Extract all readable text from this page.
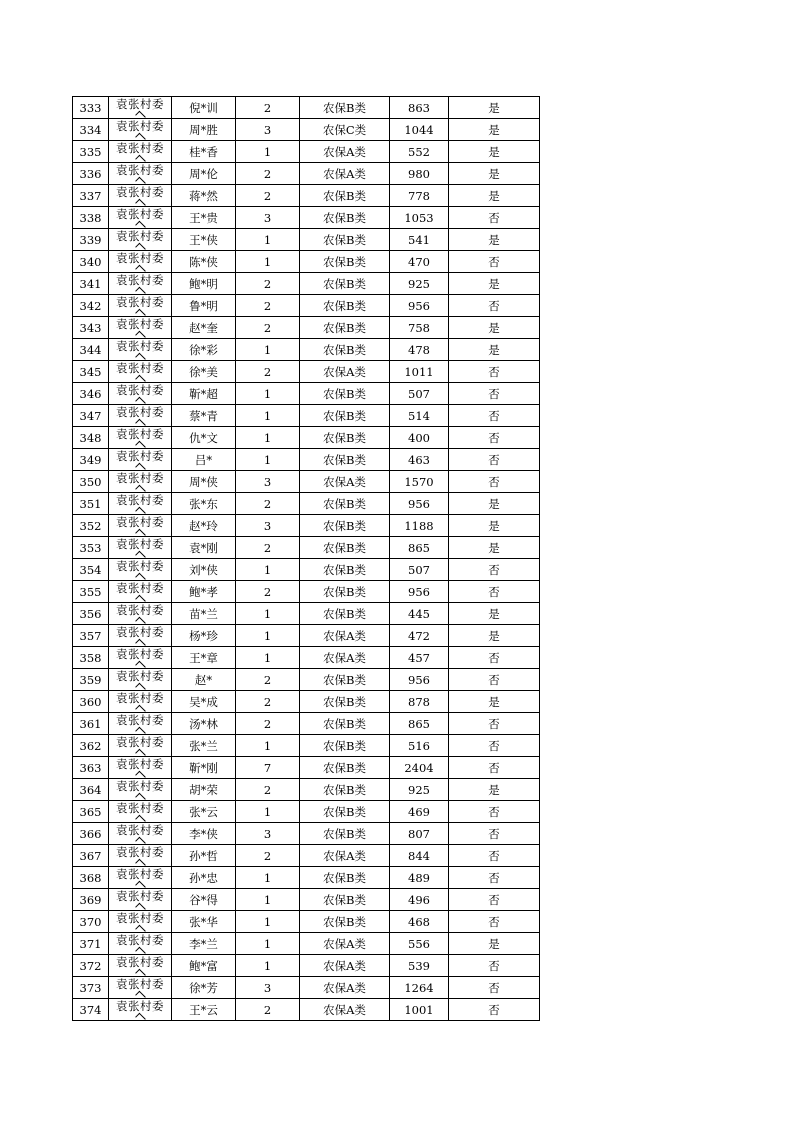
333	袁张村委	倪*训	2	农保B类	863	是
334	袁张村委	周*胜	3	农保C类	1044	是
335	袁张村委	桂*香	1	农保A类	552	是
336	袁张村委	周*伦	2	农保A类	980	是
337	袁张村委	蒋*然	2	农保B类	778	是
338	袁张村委	王*贵	3	农保B类	1053	否
339	袁张村委	王*侠	1	农保B类	541	是
340	袁张村委	陈*侠	1	农保B类	470	否
341	袁张村委	鲍*明	2	农保B类	925	是
342	袁张村委	鲁*明	2	农保B类	956	否
343	袁张村委	赵*奎	2	农保B类	758	是
344	袁张村委	徐*彩	1	农保B类	478	是
345	袁张村委	徐*美	2	农保A类	1011	否
346	袁张村委	靳*超	1	农保B类	507	否
347	袁张村委	蔡*青	1	农保B类	514	否
348	袁张村委	仇*文	1	农保B类	400	否
349	袁张村委	吕*	1	农保B类	463	否
350	袁张村委	周*侠	3	农保A类	1570	否
351	袁张村委	张*东	2	农保B类	956	是
352	袁张村委	赵*玲	3	农保B类	1188	是
353	袁张村委	袁*刚	2	农保B类	865	是
354	袁张村委	刘*侠	1	农保B类	507	否
355	袁张村委	鲍*孝	2	农保B类	956	否
356	袁张村委	苗*兰	1	农保B类	445	是
357	袁张村委	杨*珍	1	农保A类	472	是
358	袁张村委	王*章	1	农保A类	457	否
359	袁张村委	赵*	2	农保B类	956	否
360	袁张村委	吴*成	2	农保B类	878	是
361	袁张村委	汤*林	2	农保B类	865	否
362	袁张村委	张*兰	1	农保B类	516	否
363	袁张村委	靳*刚	7	农保B类	2404	否
364	袁张村委	胡*荣	2	农保B类	925	是
365	袁张村委	张*云	1	农保B类	469	否
366	袁张村委	李*侠	3	农保B类	807	否
367	袁张村委	孙*哲	2	农保A类	844	否
368	袁张村委	孙*忠	1	农保B类	489	否
369	袁张村委	谷*得	1	农保B类	496	否
370	袁张村委	张*华	1	农保B类	468	否
371	袁张村委	李*兰	1	农保A类	556	是
372	袁张村委	鲍*富	1	农保A类	539	否
373	袁张村委	徐*芳	3	农保A类	1264	否
374	袁张村委	王*云	2	农保A类	1001	否
